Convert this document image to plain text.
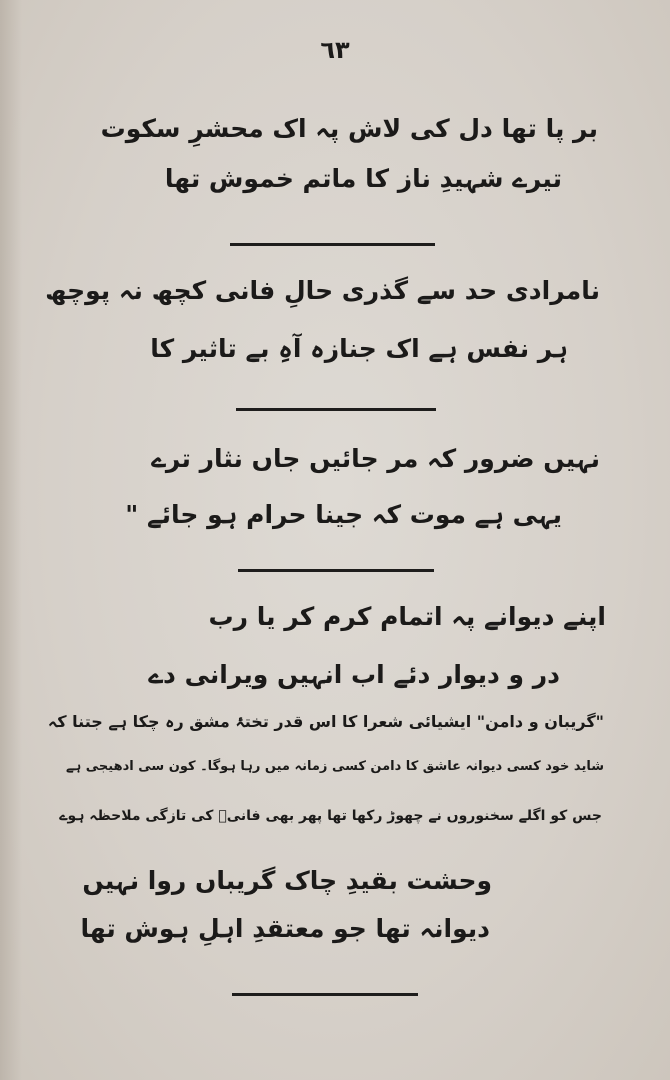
٦٣
بر پا تھا دل کی لاش پہ اک محشرِ سکوت
تیرے شہیدِ ناز کا ماتم خموش تھا
نامرادی حد سے گذری حالِ فانی کچھ نہ پوچھ
ہر نفس ہے اک جنازہ آہِ بے تاثیر کا
نہیں ضرور کہ مر جائیں جاں نثار ترے
یہی ہے موت کہ جینا حرام ہو جائے "
اپنے دیوانے پہ اتمام کرم کر یا رب
در و دیوار دئے اب انہیں ویرانی دے
"گریبان و دامن" ایشیائی شعرا کا اس قدر تختۂ مشق رہ چکا ہے جتنا کہ
شاید خود کسی دیوانہ عاشق کا دامن کسی زمانہ میں رہا ہوگا۔ کون سی ادھیجی ہے
جس کو اگلے سخنوروں نے چھوڑ رکھا تھا پھر بھی فانیؔ کی تازگی ملاحظہ ہوے
وحشت بقیدِ چاک گریباں روا نہیں
دیوانہ تھا جو معتقدِ اہلِ ہوش تھا
